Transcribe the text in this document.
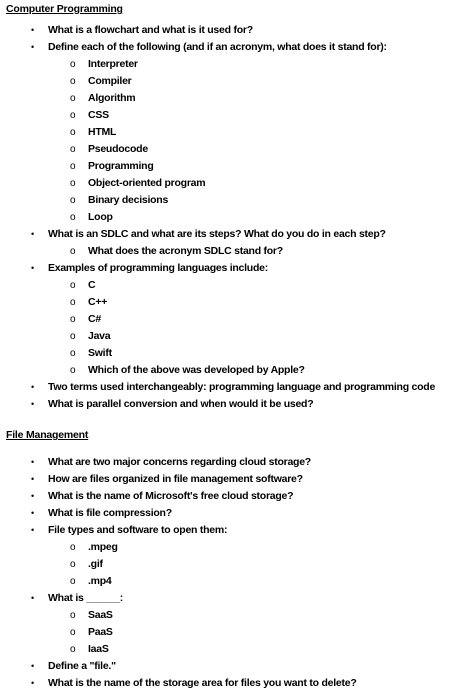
Computer Programming
• What is a flowchart and what is it used for?
• Define each of the following (and if an acronym, what does it stand for):
o Interpreter
o Compiler
o Algorithm
o CSS
o HTML
o Pseudocode
o Programming
o Object-oriented program
o Binary decisions
o Loop
• What is an SDLC and what are its steps? What do you do in each step?
o What does the acronym SDLC stand for?
• Examples of programming languages include:
o C
o C++
o C#
o Java
o Swift
o Which of the above was developed by Apple?
• Two terms used interchangeably: programming language and programming code
• What is parallel conversion and when would it be used?
File Management
• What are two major concerns regarding cloud storage?
• How are files organized in file management software?
• What is the name of Microsoft's free cloud storage?
• What is file compression?
• File types and software to open them:
o .mpeg
o .gif
o .mp4
• What is ______:
o SaaS
o PaaS
o IaaS
• Define a "file."
• What is the name of the storage area for files you want to delete?
